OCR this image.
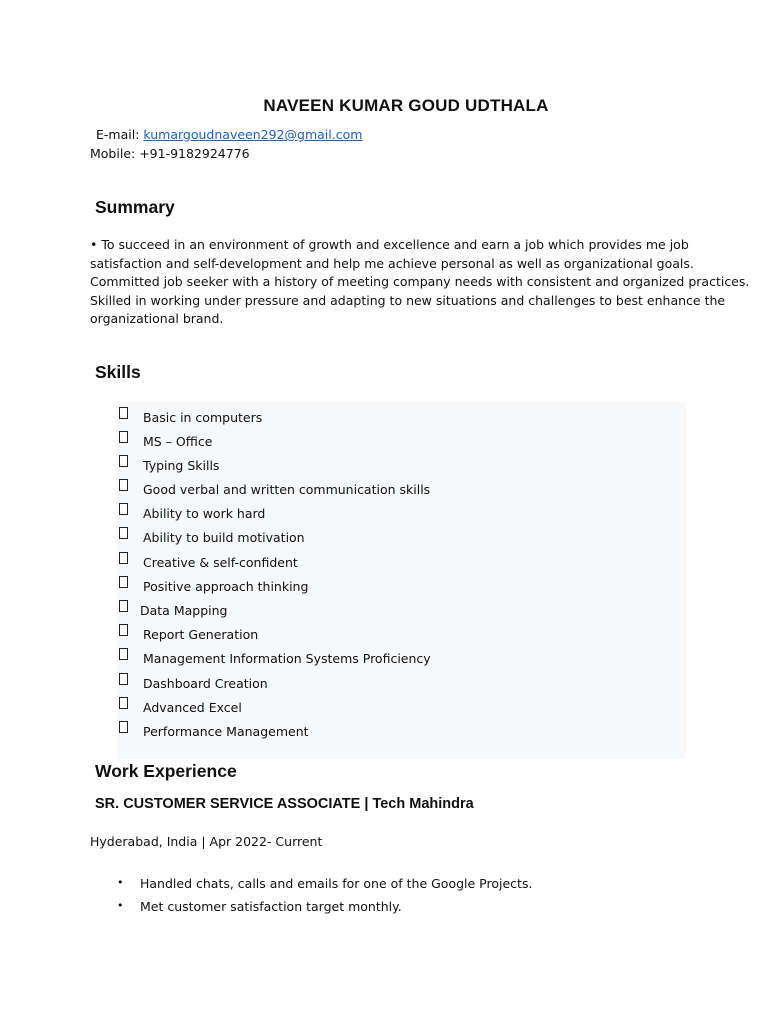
NAVEEN KUMAR GOUD UDTHALA
E-mail: kumargoudnaveen292@gmail.com
Mobile: +91-9182924776
Summary
• To succeed in an environment of growth and excellence and earn a job which provides me job
satisfaction and self-development and help me achieve personal as well as organizational goals.
Committed job seeker with a history of meeting company needs with consistent and organized practices.
Skilled in working under pressure and adapting to new situations and challenges to best enhance the
organizational brand.
Skills
Basic in computers
MS – Office
Typing Skills
Good verbal and written communication skills
Ability to work hard
Ability to build motivation
Creative & self-confident
Positive approach thinking
Data Mapping
Report Generation
Management Information Systems Proficiency
Dashboard Creation
Advanced Excel
Performance Management
Work Experience
SR. CUSTOMER SERVICE ASSOCIATE | Tech Mahindra
Hyderabad, India | Apr 2022- Current
• Handled chats, calls and emails for one of the Google Projects.
• Met customer satisfaction target monthly.
